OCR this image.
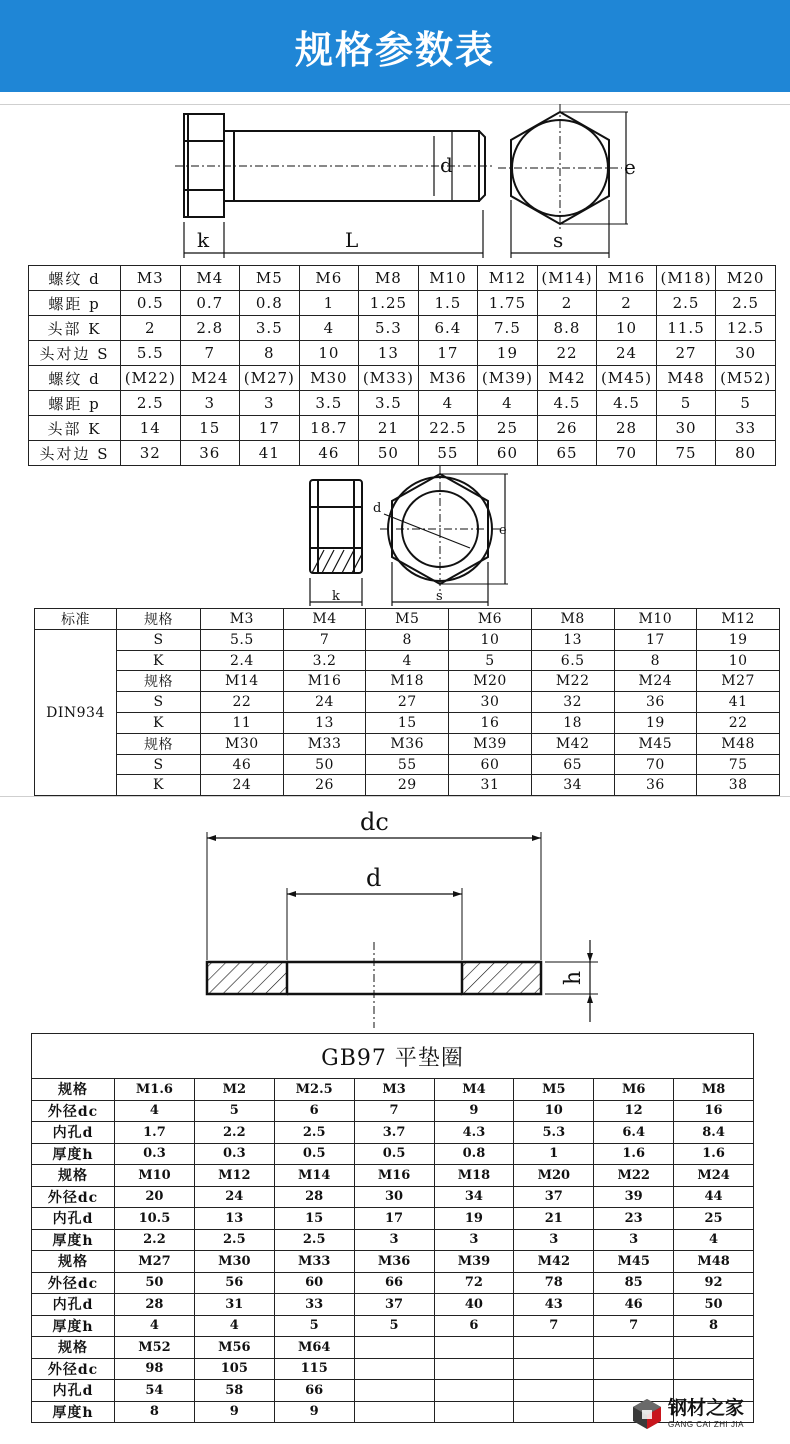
规格参数表
d	e
k	L	s
螺纹 d	M3	M4	M5	M6	M8	M10	M12	(M14)	M16	(M18)	M20
螺距 p	0.5	0.7	0.8	1	1.25	1.5	1.75	2	2	2.5	2.5
头部 K	2	2.8	3.5	4	5.3	6.4	7.5	8.8	10	11.5	12.5
头对边 S	5.5	7	8	10	13	17	19	22	24	27	30
螺纹 d	(M22)	M24	(M27)	M30	(M33)	M36	(M39)	M42	(M45)	M48	(M52)
螺距 p	2.5	3	3	3.5	3.5	4	4	4.5	4.5	5	5
头部 K	14	15	17	18.7	21	22.5	25	26	28	30	33
头对边 S	32	36	41	46	50	55	60	65	70	75	80
d
e
k	s
标准	规格	M3	M4	M5	M6	M8	M10	M12
DIN934	S	5.5	7	8	10	13	17	19
	K	2.4	3.2	4	5	6.5	8	10
	规格	M14	M16	M18	M20	M22	M24	M27
	S	22	24	27	30	32	36	41
	K	11	13	15	16	18	19	22
	规格	M30	M33	M36	M39	M42	M45	M48
	S	46	50	55	60	65	70	75
	K	24	26	29	31	34	36	38
dc
d
h
GB97 平垫圈								
规格	M1.6	M2	M2.5	M3	M4	M5	M6	M8
外径dc	4	5	6	7	9	10	12	16
内孔d	1.7	2.2	2.5	3.7	4.3	5.3	6.4	8.4
厚度h	0.3	0.3	0.5	0.5	0.8	1	1.6	1.6
规格	M10	M12	M14	M16	M18	M20	M22	M24
外径dc	20	24	28	30	34	37	39	44
内孔d	10.5	13	15	17	19	21	23	25
厚度h	2.2	2.5	2.5	3	3	3	3	4
规格	M27	M30	M33	M36	M39	M42	M45	M48
外径dc	50	56	60	66	72	78	85	92
内孔d	28	31	33	37	40	43	46	50
厚度h	4	4	5	5	6	7	7	8
规格	M52	M56	M64					
外径dc	98	105	115					
内孔d	54	58	66					
厚度h	8	9	9						钢材之家
GANG CAI ZHI JIA
